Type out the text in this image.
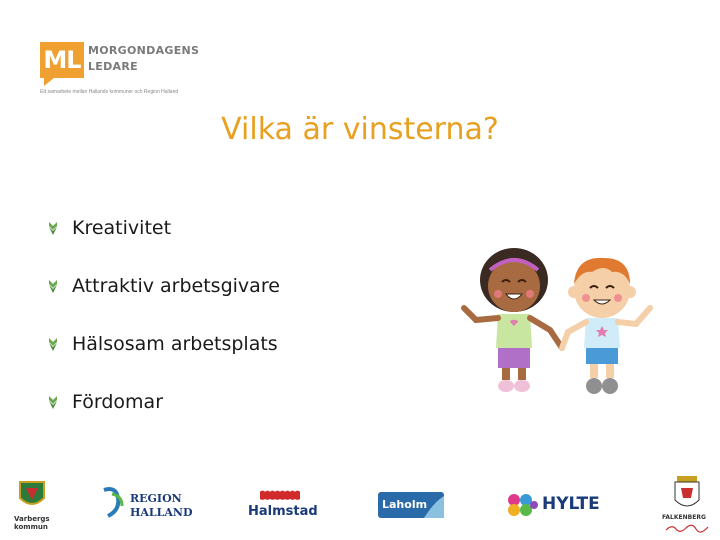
ML MORGONDAGENS
LEDARE
Ett samarbete mellan Hallands kommuner och Region Halland
Vilka är vinsterna?
Kreativitet
Attraktiv arbetsgivare
Hälsosam arbetsplats
Fördomar
Varbergs
kommun
REGION
HALLAND	Halmstad	Laholm	HYLTE
FALKENBERG
